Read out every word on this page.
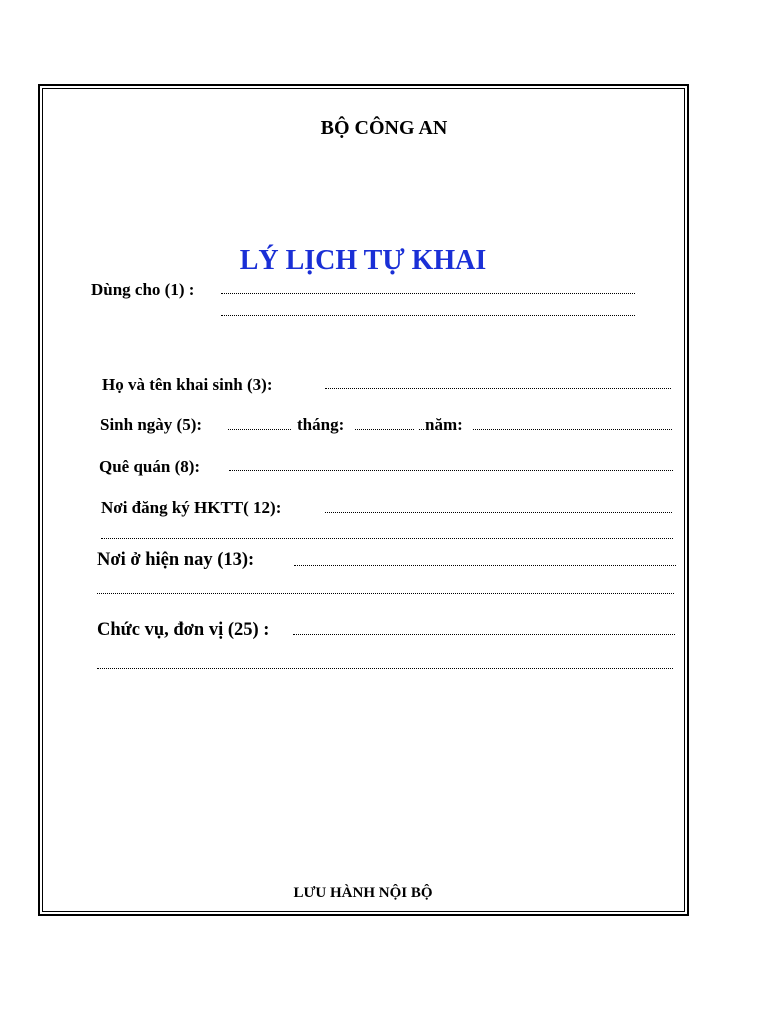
BỘ CÔNG AN
LÝ LỊCH TỰ KHAI
Dùng cho (1) :
Họ và tên khai sinh (3):
Sinh ngày (5):	tháng:	năm:
Quê quán (8):
Nơi đăng ký HKTT( 12):
Nơi ở hiện nay (13):
Chức vụ, đơn vị (25) :
LƯU HÀNH NỘI BỘ
